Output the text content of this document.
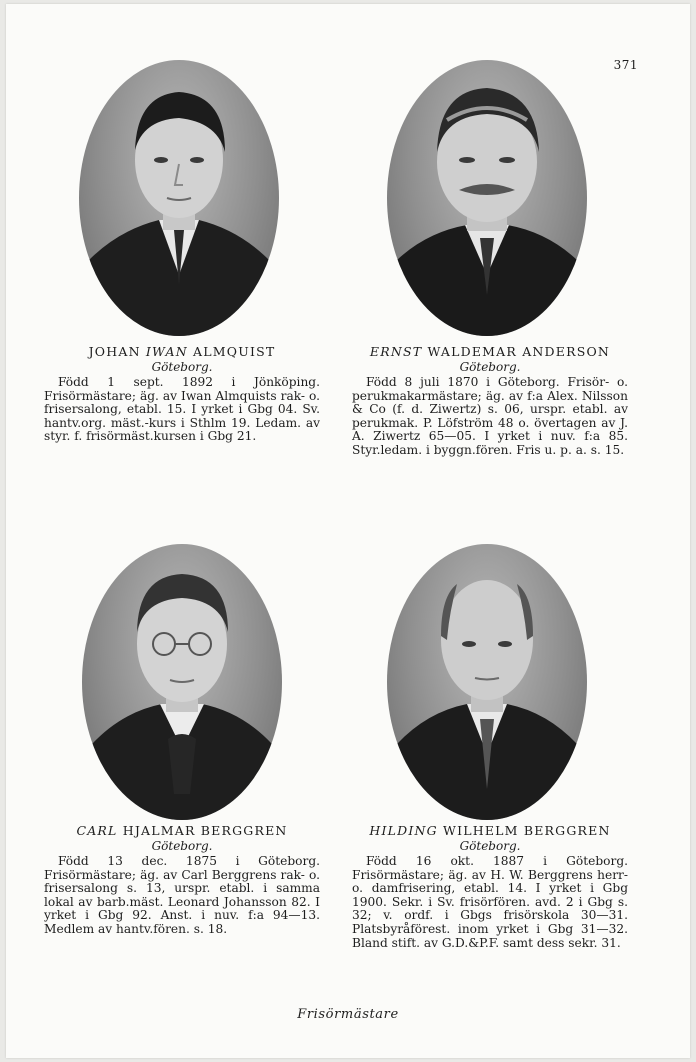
371

JOHAN IWAN ALMQUIST

Göteborg.

Född 1 sept. 1892 i Jönköping. Frisörmästare; äg. av Iwan Almquists rak- o. frisersalong, etabl. 15. I yrket i Gbg 04. Sv. hantv.org. mäst.-kurs i Sthlm 19. Ledam. av styr. f. frisörmäst.kursen i Gbg 21.

ERNST WALDEMAR ANDERSON

Göteborg.

Född 8 juli 1870 i Göteborg. Frisör- o. perukmakarmästare; äg. av f:a Alex. Nilsson & Co (f. d. Ziwertz) s. 06, urspr. etabl. av perukmak. P. Löfström 48 o. övertagen av J. A. Ziwertz 65—05. I yrket i nuv. f:a 85. Styr.ledam. i byggn.fören. Fris u. p. a. s. 15.

CARL HJALMAR BERGGREN

Göteborg.

Född 13 dec. 1875 i Göteborg. Frisörmästare; äg. av Carl Berggrens rak- o. frisersalong s. 13, urspr. etabl. i samma lokal av barb.mäst. Leonard Johansson 82. I yrket i Gbg 92. Anst. i nuv. f:a 94—13. Medlem av hantv.fören. s. 18.

HILDING WILHELM BERGGREN

Göteborg.

Född 16 okt. 1887 i Göteborg. Frisörmästare; äg. av H. W. Berggrens herr- o. damfrisering, etabl. 14. I yrket i Gbg 1900. Sekr. i Sv. frisörfören. avd. 2 i Gbg s. 32; v. ordf. i Gbgs frisörskola 30—31. Platsbyråförest. inom yrket i Gbg 31—32. Bland stift. av G.D.&P.F. samt dess sekr. 31.

Frisörmästare
